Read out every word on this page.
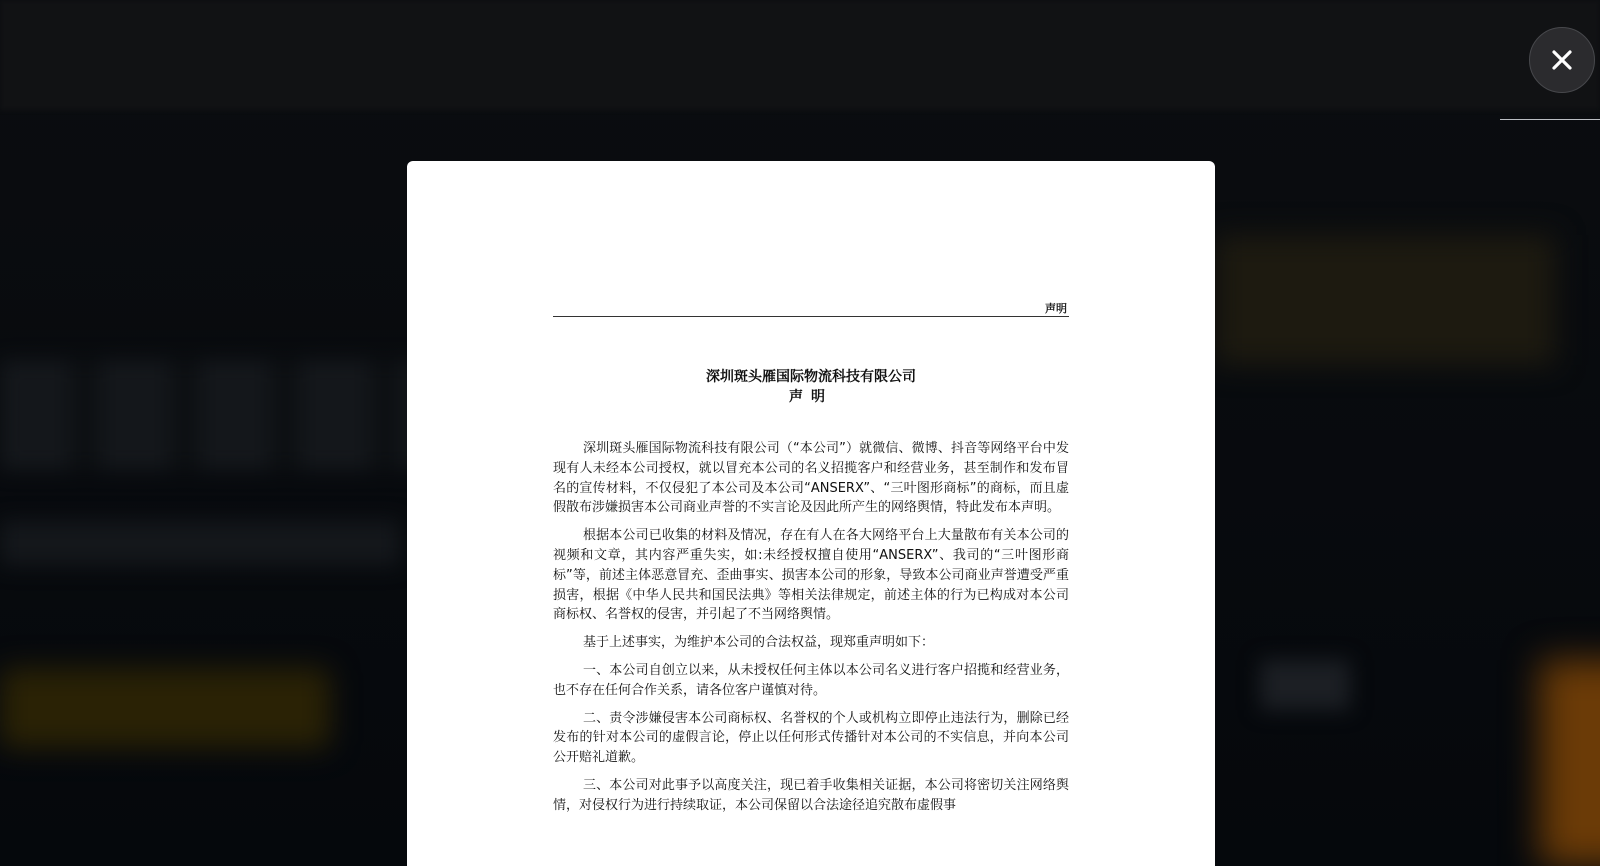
声明
深圳斑头雁国际物流科技有限公司
声明

深圳斑头雁国际物流科技有限公司（“本公司”）就微信、微博、抖音等网络平台中发现有人未经本公司授权，就以冒充本公司的名义招揽客户和经营业务，甚至制作和发布冒名的宣传材料，不仅侵犯了本公司及本公司“ANSERX”、“三叶图形商标”的商标，而且虚假散布涉嫌损害本公司商业声誉的不实言论及因此所产生的网络舆情，特此发布本声明。

根据本公司已收集的材料及情况，存在有人在各大网络平台上大量散布有关本公司的视频和文章，其内容严重失实，如:未经授权擅自使用“ANSERX”、我司的“三叶图形商标”等，前述主体恶意冒充、歪曲事实、损害本公司的形象，导致本公司商业声誉遭受严重损害，根据《中华人民共和国民法典》等相关法律规定，前述主体的行为已构成对本公司商标权、名誉权的侵害，并引起了不当网络舆情。

基于上述事实，为维护本公司的合法权益，现郑重声明如下：

一、本公司自创立以来，从未授权任何主体以本公司名义进行客户招揽和经营业务，也不存在任何合作关系，请各位客户谨慎对待。

二、责令涉嫌侵害本公司商标权、名誉权的个人或机构立即停止违法行为，删除已经发布的针对本公司的虚假言论，停止以任何形式传播针对本公司的不实信息，并向本公司公开赔礼道歉。

三、本公司对此事予以高度关注，现已着手收集相关证据，本公司将密切关注网络舆情，对侵权行为进行持续取证，本公司保留以合法途径追究散布虚假事
